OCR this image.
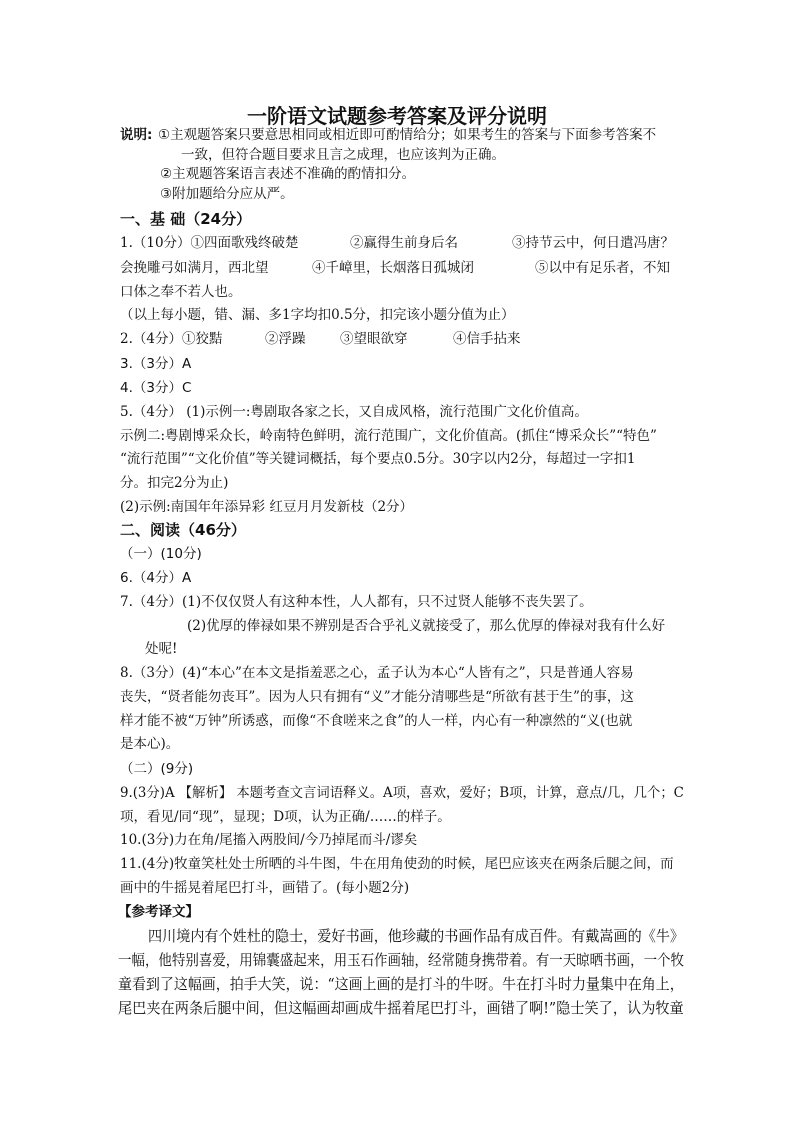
一阶语文试题参考答案及评分说明
说明: ①主观题答案只要意思相同或相近即可酌情给分；如果考生的答案与下面参考答案不
一致，但符合题目要求且言之成理，也应该判为正确。
②主观题答案语言表述不准确的酌情扣分。
③附加题给分应从严。
一、基 础（24分）
1.（10分）①四面歌残终破楚	②赢得生前身后名	③持节云中，何日遣冯唐？
会挽雕弓如满月，西北望	④千嶂里，长烟落日孤城闭	⑤以中有足乐者，不知
口体之奉不若人也。
（以上每小题，错、漏、多1字均扣0.5分，扣完该小题分值为止）
2.（4分）①狡黠	②浮躁	③望眼欲穿	④信手拈来
3.（3分）A
4.（3分）C
5.（4分） (1)示例一:粤剧取各家之长，又自成风格，流行范围广文化价值高。
示例二:粤剧博采众长，岭南特色鲜明，流行范围广，文化价值高。(抓住“博采众长”“特色”
“流行范围”“文化价值”等关键词概括，每个要点0.5分。30字以内2分，每超过一字扣1
分。扣完2分为止)
(2)示例:南国年年添异彩 红豆月月发新枝（2分）
二、阅读（46分）
（一）(10分)
6.（4分）A
7.（4分）(1)不仅仅贤人有这种本性，人人都有，只不过贤人能够不丧失罢了。
(2)优厚的俸禄如果不辨别是否合乎礼义就接受了，那么优厚的俸禄对我有什么好
处呢!
8.（3分）(4)“本心”在本文是指羞恶之心，孟子认为本心“人皆有之”，只是普通人容易
丧失，“贤者能勿丧耳”。因为人只有拥有“义”才能分清哪些是“所欲有甚于生”的事，这
样才能不被“万钟”所诱惑，而像“不食嗟来之食”的人一样，内心有一种凛然的“义(也就
是本心)。
（二）(9分)
9.(3分)A 【解析】 本题考查文言词语释义。A项，喜欢，爱好；B项，计算，意点/几，几个；C
项，看见/同“现”，显现；D项，认为正确/……的样子。
10.(3分)力在角/尾搐入两股间/今乃掉尾而斗/谬矣
11.(4分)牧童笑杜处士所晒的斗牛图，牛在用角使劲的时候，尾巴应该夹在两条后腿之间，而
画中的牛摇晃着尾巴打斗，画错了。(每小题2分)
【参考译文】
四川境内有个姓杜的隐士，爱好书画，他珍藏的书画作品有成百件。有戴嵩画的《牛》
一幅，他特别喜爱，用锦囊盛起来，用玉石作画轴，经常随身携带着。有一天晾晒书画，一个牧
童看到了这幅画，拍手大笑，说：“这画上画的是打斗的牛呀。牛在打斗时力量集中在角上，
尾巴夹在两条后腿中间，但这幅画却画成牛摇着尾巴打斗，画错了啊!”隐士笑了，认为牧童
